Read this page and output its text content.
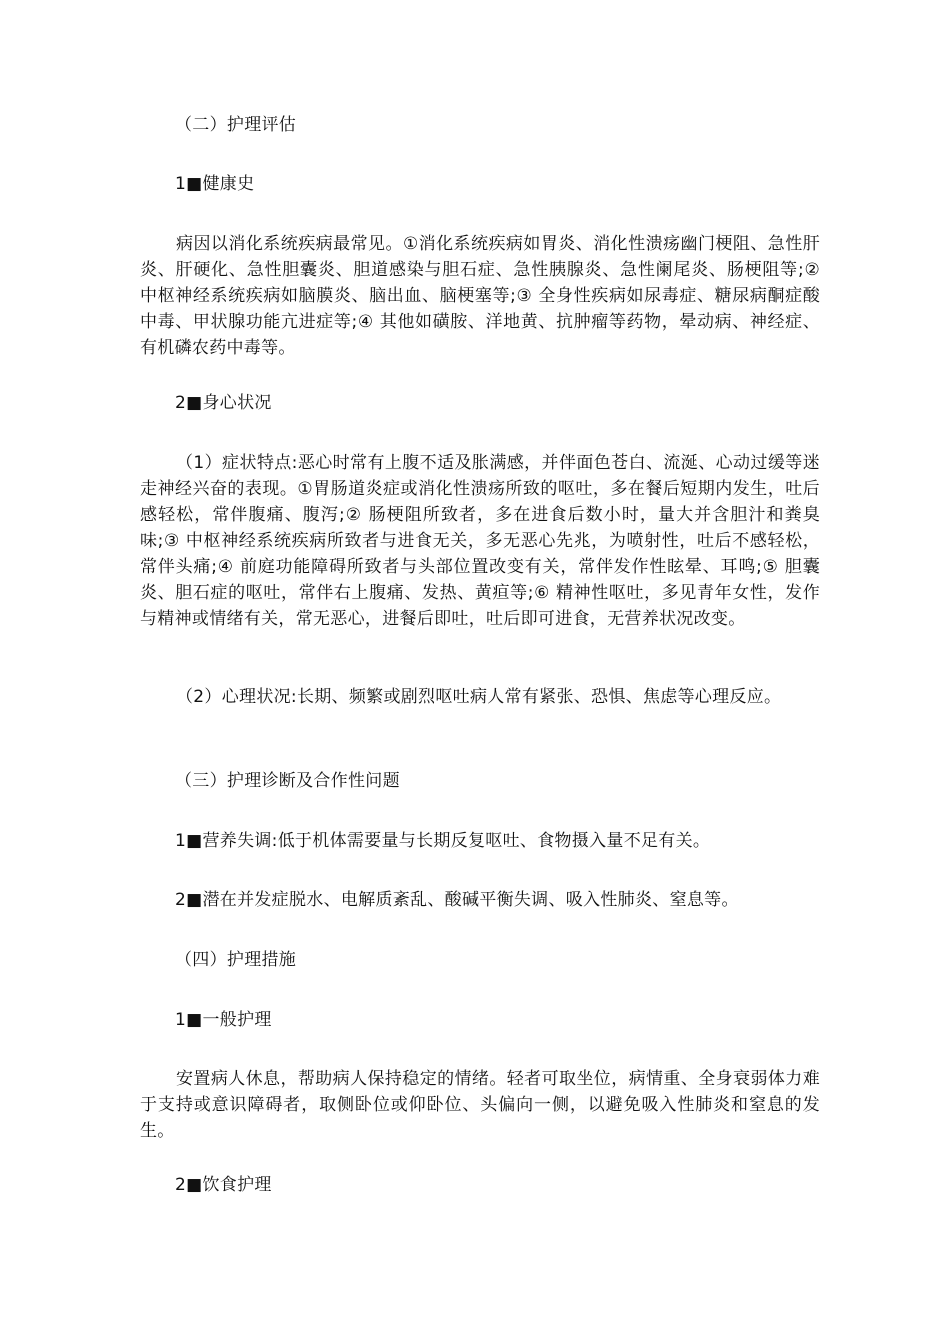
（二）护理评估

1■健康史

病因以消化系统疾病最常见。①消化系统疾病如胃炎、消化性溃疡幽门梗阻、急性肝炎、肝硬化、急性胆囊炎、胆道感染与胆石症、急性胰腺炎、急性阑尾炎、肠梗阻等;② 中枢神经系统疾病如脑膜炎、脑出血、脑梗塞等;③ 全身性疾病如尿毒症、糖尿病酮症酸中毒、甲状腺功能亢进症等;④ 其他如磺胺、洋地黄、抗肿瘤等药物，晕动病、神经症、有机磷农药中毒等。

2■身心状况

（1）症状特点:恶心时常有上腹不适及胀满感，并伴面色苍白、流涎、心动过缓等迷走神经兴奋的表现。①胃肠道炎症或消化性溃疡所致的呕吐，多在餐后短期内发生，吐后感轻松，常伴腹痛、腹泻;② 肠梗阻所致者，多在进食后数小时，量大并含胆汁和粪臭味;③ 中枢神经系统疾病所致者与进食无关，多无恶心先兆，为喷射性，吐后不感轻松，常伴头痛;④ 前庭功能障碍所致者与头部位置改变有关，常伴发作性眩晕、耳鸣;⑤ 胆囊炎、胆石症的呕吐，常伴右上腹痛、发热、黄疸等;⑥ 精神性呕吐，多见青年女性，发作与精神或情绪有关，常无恶心，进餐后即吐，吐后即可进食，无营养状况改变。

（2）心理状况:长期、频繁或剧烈呕吐病人常有紧张、恐惧、焦虑等心理反应。

（三）护理诊断及合作性问题

1■营养失调:低于机体需要量与长期反复呕吐、食物摄入量不足有关。

2■潜在并发症脱水、电解质紊乱、酸碱平衡失调、吸入性肺炎、窒息等。

（四）护理措施

1■一般护理

安置病人休息，帮助病人保持稳定的情绪。轻者可取坐位，病情重、全身衰弱体力难于支持或意识障碍者，取侧卧位或仰卧位、头偏向一侧，以避免吸入性肺炎和窒息的发生。

2■饮食护理
